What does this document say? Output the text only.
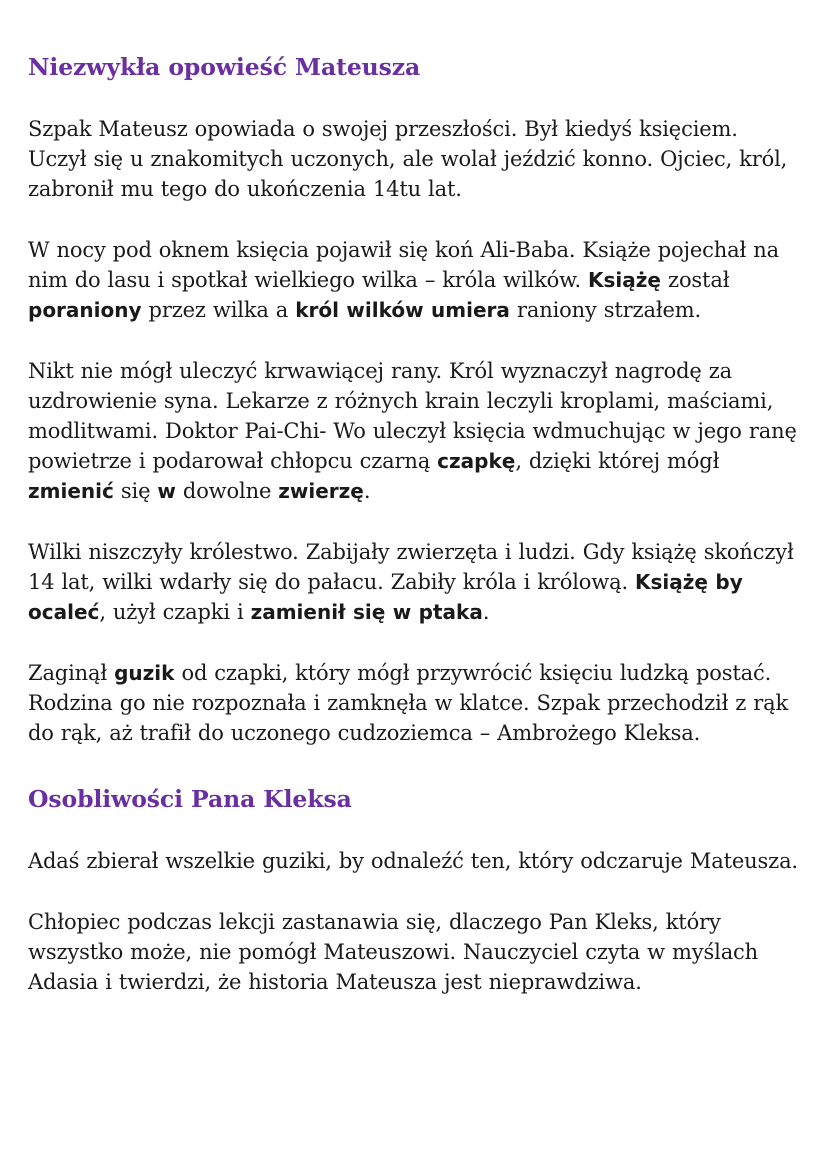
Niezwykła opowieść Mateusza

Szpak Mateusz opowiada o swojej przeszłości. Był kiedyś księciem. Uczył się u znakomitych uczonych, ale wolał jeździć konno. Ojciec, król, zabronił mu tego do ukończenia 14tu lat.

W nocy pod oknem księcia pojawił się koń Ali-Baba. Książe pojechał na nim do lasu i spotkał wielkiego wilka – króla wilków. Książę został poraniony przez wilka a król wilków umiera raniony strzałem.

Nikt nie mógł uleczyć krwawiącej rany. Król wyznaczył nagrodę za uzdrowienie syna. Lekarze z różnych krain leczyli kroplami, maściami, modlitwami. Doktor Pai-Chi- Wo uleczył księcia wdmuchując w jego ranę powietrze i podarował chłopcu czarną czapkę, dzięki której mógł zmienić się w dowolne zwierzę.

Wilki niszczyły królestwo. Zabijały zwierzęta i ludzi. Gdy książę skończył 14 lat, wilki wdarły się do pałacu. Zabiły króla i królową. Książę by ocaleć, użył czapki i zamienił się w ptaka.

Zaginął guzik od czapki, który mógł przywrócić księciu ludzką postać. Rodzina go nie rozpoznała i zamknęła w klatce. Szpak przechodził z rąk do rąk, aż trafił do uczonego cudzoziemca – Ambrożego Kleksa.

Osobliwości Pana Kleksa

Adaś zbierał wszelkie guziki, by odnaleźć ten, który odczaruje Mateusza.

Chłopiec podczas lekcji zastanawia się, dlaczego Pan Kleks, który wszystko może, nie pomógł Mateuszowi. Nauczyciel czyta w myślach Adasia i twierdzi, że historia Mateusza jest nieprawdziwa.
